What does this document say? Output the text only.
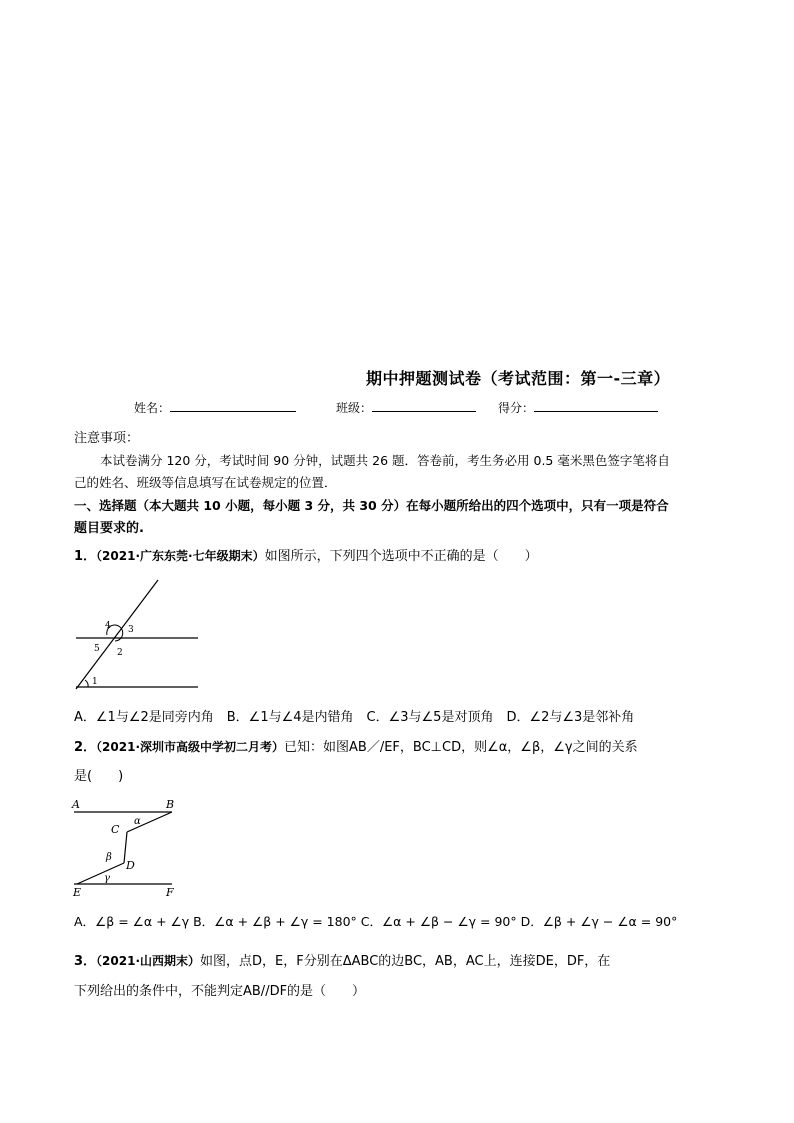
期中押题测试卷（考试范围：第一-三章）
姓名：	班级：	得分：
注意事项：
本试卷满分 120 分，考试时间 90 分钟，试题共 26 题．答卷前，考生务必用 0.5 毫米黑色签字笔将自
己的姓名、班级等信息填写在试卷规定的位置．
一、选择题（本大题共 10 小题，每小题 3 分，共 30 分）在每小题所给出的四个选项中，只有一项是符合
题目要求的.
1．（2021·广东东莞·七年级期末）如图所示，下列四个选项中不正确的是（　　）
4 3
5 2
1
A．∠1与∠2是同旁内角　B．∠1与∠4是内错角　C．∠3与∠5是对顶角　D．∠2与∠3是邻补角
2．（2021·深圳市高级中学初二月考）已知：如图AB／/EF，BC⊥CD，则∠α，∠β，∠γ之间的关系
是(　　)
A	B
C
D
E	F
α
β
γ
A．∠β = ∠α + ∠γ B．∠α + ∠β + ∠γ = 180° C．∠α + ∠β − ∠γ = 90° D．∠β + ∠γ − ∠α = 90°
3．（2021·山西期末）如图，点D，E，F分别在ΔABC的边BC，AB，AC上，连接DE，DF，在
下列给出的条件中，不能判定AB//DF的是（　　）
